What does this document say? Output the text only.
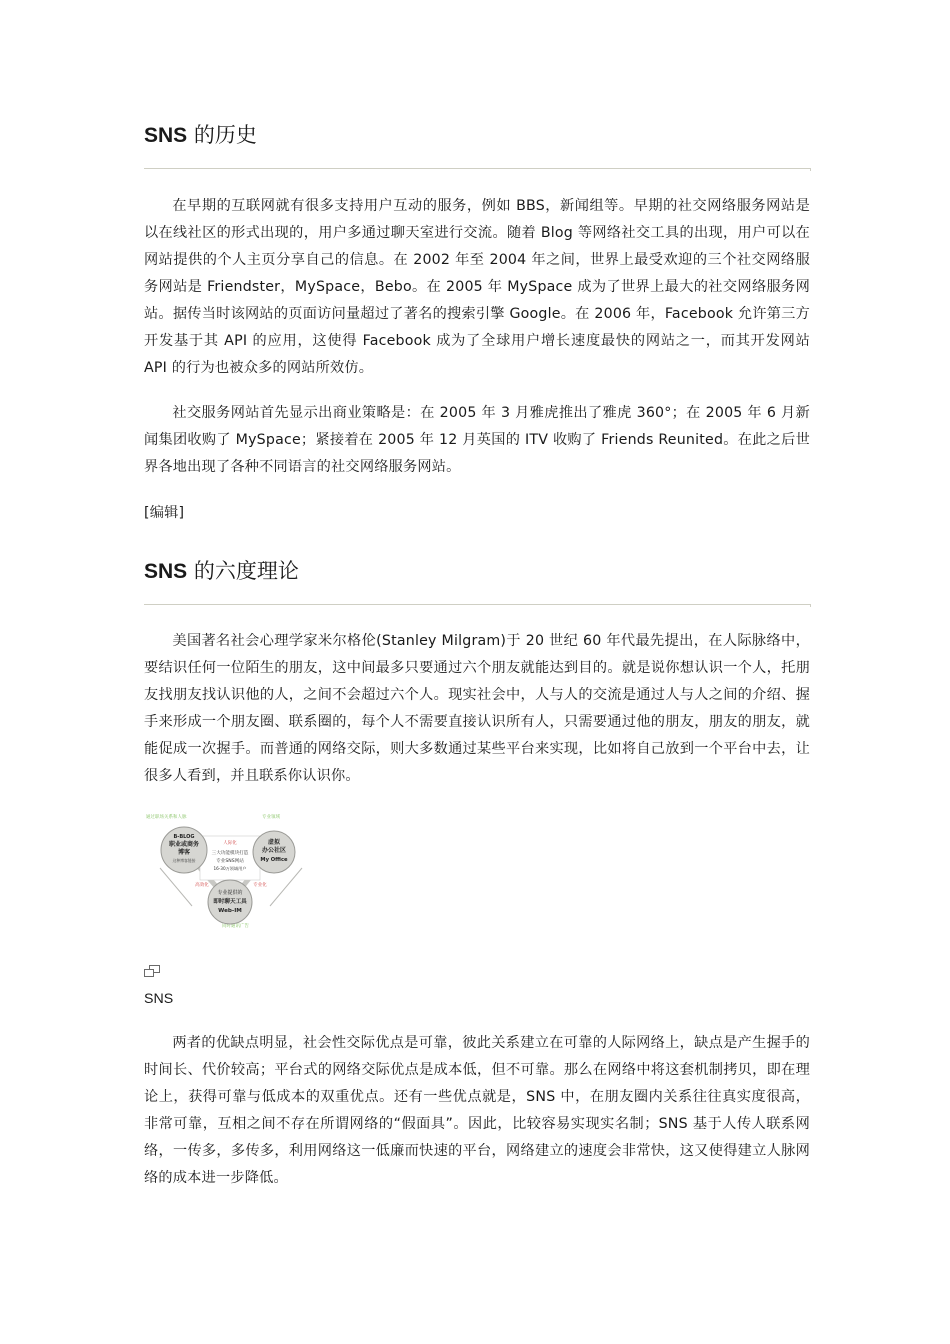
SNS 的历史

在早期的互联网就有很多支持用户互动的服务，例如 BBS，新闻组等。早期的社交网络服务网站是以在线社区的形式出现的，用户多通过聊天室进行交流。随着 Blog 等网络社交工具的出现，用户可以在网站提供的个人主页分享自己的信息。在 2002 年至 2004 年之间，世界上最受欢迎的三个社交网络服务网站是 Friendster，MySpace，Bebo。在 2005 年 MySpace 成为了世界上最大的社交网络服务网站。据传当时该网站的页面访问量超过了著名的搜索引擎 Google。在 2006 年，Facebook 允许第三方开发基于其 API 的应用，这使得 Facebook 成为了全球用户增长速度最快的网站之一，而其开发网站 API 的行为也被众多的网站所效仿。

社交服务网站首先显示出商业策略是：在 2005 年 3 月雅虎推出了雅虎 360°；在 2005 年 6 月新闻集团收购了 MySpace；紧接着在 2005 年 12 月英国的 ITV 收购了 Friends Reunited。在此之后世界各地出现了各种不同语言的社交网络服务网站。

[编辑]

SNS 的六度理论

美国著名社会心理学家米尔格伦(Stanley Milgram)于 20 世纪 60 年代最先提出，在人际脉络中，要结识任何一位陌生的朋友，这中间最多只要通过六个朋友就能达到目的。就是说你想认识一个人，托朋友找朋友找认识他的人，之间不会超过六个人。现实社会中，人与人的交流是通过人与人之间的介绍、握手来形成一个朋友圈、联系圈的，每个人不需要直接认识所有人，只需要通过他的朋友，朋友的朋友，就能促成一次握手。而普通的网络交际，则大多数通过某些平台来实现，比如将自己放到一个平台中去，让很多人看到，并且联系你认识你。

通过职场关系和人脉	专业领域
同时通讯广告
三大功能模块打造
专业SNS网站
16-30万领域用户
人际化
高效化	专业化
B-BLOG
职业或商务
博客
这种博客链接
虚拟
办公社区
My Office
专业提供的
即时聊天工具
Web-IM
SNS

两者的优缺点明显，社会性交际优点是可靠，彼此关系建立在可靠的人际网络上，缺点是产生握手的时间长、代价较高；平台式的网络交际优点是成本低，但不可靠。那么在网络中将这套机制拷贝，即在理论上，获得可靠与低成本的双重优点。还有一些优点就是，SNS 中，在朋友圈内关系往往真实度很高，非常可靠，互相之间不存在所谓网络的“假面具”。因此，比较容易实现实名制；SNS 基于人传人联系网络，一传多，多传多，利用网络这一低廉而快速的平台，网络建立的速度会非常快，这又使得建立人脉网络的成本进一步降低。
